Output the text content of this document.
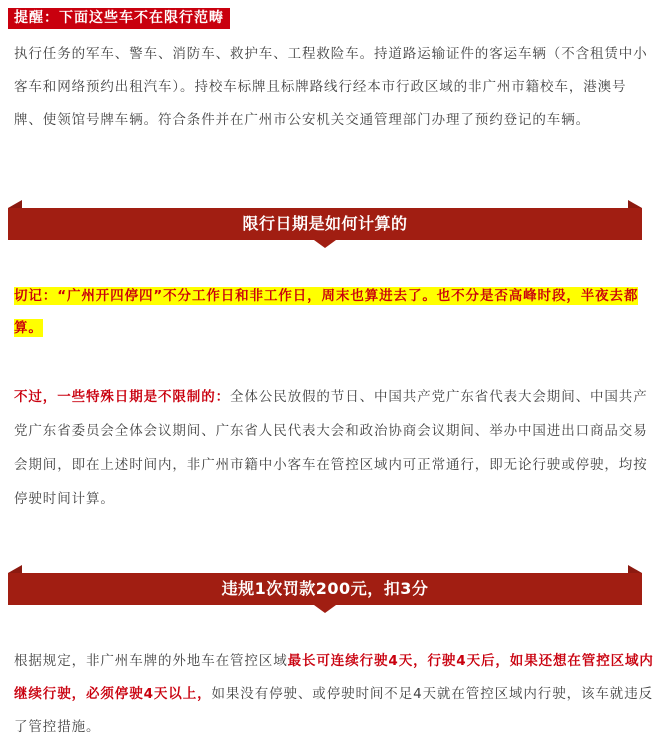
提醒：下面这些车不在限行范畴

执行任务的军车、警车、消防车、救护车、工程救险车。持道路运输证件的客运车辆（不含租赁中小客车和网络预约出租汽车）。持校车标牌且标牌路线行经本市行政区域的非广州市籍校车，港澳号牌、使领馆号牌车辆。符合条件并在广州市公安机关交通管理部门办理了预约登记的车辆。

限行日期是如何计算的

切记：“广州开四停四”不分工作日和非工作日，周末也算进去了。也不分是否高峰时段，半夜去都算。

不过，一些特殊日期是不限制的：全体公民放假的节日、中国共产党广东省代表大会期间、中国共产党广东省委员会全体会议期间、广东省人民代表大会和政治协商会议期间、举办中国进出口商品交易会期间，即在上述时间内，非广州市籍中小客车在管控区域内可正常通行，即无论行驶或停驶，均按停驶时间计算。

违规1次罚款200元，扣3分

根据规定，非广州车牌的外地车在管控区域最长可连续行驶4天，行驶4天后，如果还想在管控区域内继续行驶，必须停驶4天以上，如果没有停驶、或停驶时间不足4天就在管控区域内行驶，该车就违反了管控措施。
